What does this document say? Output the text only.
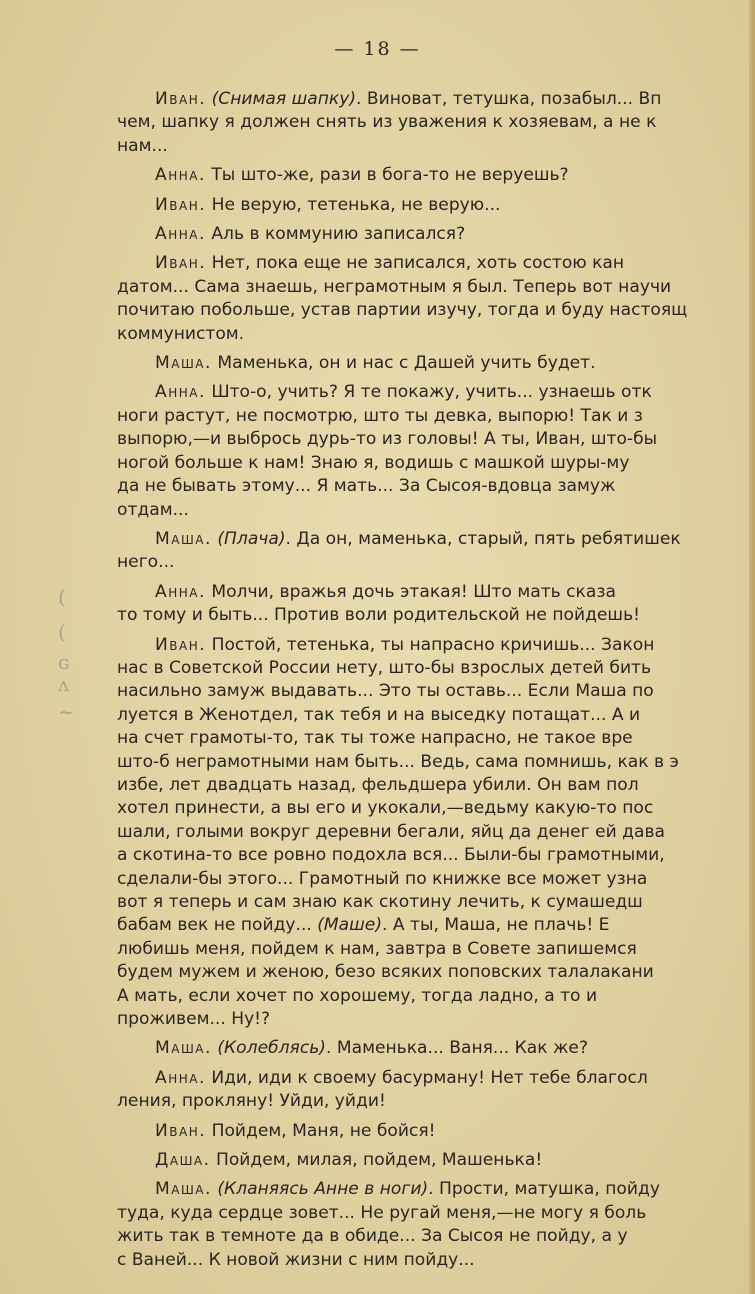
— 18 —
(
(
ɢ
ʌ
∼
Иван. (Снимая шапку). Виноват, тетушка, позабыл... Вп
чем, шапку я должен снять из уважения к хозяевам, а не к
нам...
Анна. Ты што-же, рази в бога-то не веруешь?
Иван. Не верую, тетенька, не верую...
Анна. Аль в коммунию записался?
Иван. Нет, пока еще не записался, хоть состою кан
датом... Сама знаешь, неграмотным я был. Теперь вот научи
почитаю побольше, устав партии изучу, тогда и буду настоящ
коммунистом.
Маша. Маменька, он и нас с Дашей учить будет.
Анна. Што-о, учить? Я те покажу, учить... узнаешь отк
ноги растут, не посмотрю, што ты девка, выпорю! Так и з
выпорю,—и выбрось дурь-то из головы! А ты, Иван, што-бы
ногой больше к нам! Знаю я, водишь с машкой шуры-му
да не бывать этому... Я мать... За Сысоя-вдовца замуж
отдам...
Маша. (Плача). Да он, маменька, старый, пять ребятишек
него...
Анна. Молчи, вражья дочь этакая! Што мать сказа
то тому и быть... Против воли родительской не пойдешь!
Иван. Постой, тетенька, ты напрасно кричишь... Закон
нас в Советской России нету, што-бы взрослых детей бить
насильно замуж выдавать... Это ты оставь... Если Маша по
луется в Женотдел, так тебя и на выседку потащат... А и
на счет грамоты-то, так ты тоже напрасно, не такое вре
што-б неграмотными нам быть... Ведь, сама помнишь, как в э
избе, лет двадцать назад, фельдшера убили. Он вам пол
хотел принести, а вы его и укокали,—ведьму какую-то пос
шали, голыми вокруг деревни бегали, яйц да денег ей дава
а скотина-то все ровно подохла вся... Были-бы грамотными,
сделали-бы этого... Грамотный по книжке все может узна
вот я теперь и сам знаю как скотину лечить, к сумашедш
бабам век не пойду... (Маше). А ты, Маша, не плачь! Е
любишь меня, пойдем к нам, завтра в Совете запишемся
будем мужем и женою, безо всяких поповских талалакани
А мать, если хочет по хорошему, тогда ладно, а то и
проживем... Ну!?
Маша. (Колеблясь). Маменька... Ваня... Как же?
Анна. Иди, иди к своему басурману! Нет тебе благосл
ления, прокляну! Уйди, уйди!
Иван. Пойдем, Маня, не бойся!
Даша. Пойдем, милая, пойдем, Машенька!
Маша. (Кланяясь Анне в ноги). Прости, матушка, пойду
туда, куда сердце зовет... Не ругай меня,—не могу я боль
жить так в темноте да в обиде... За Сысоя не пойду, а у
с Ваней... К новой жизни с ним пойду...
